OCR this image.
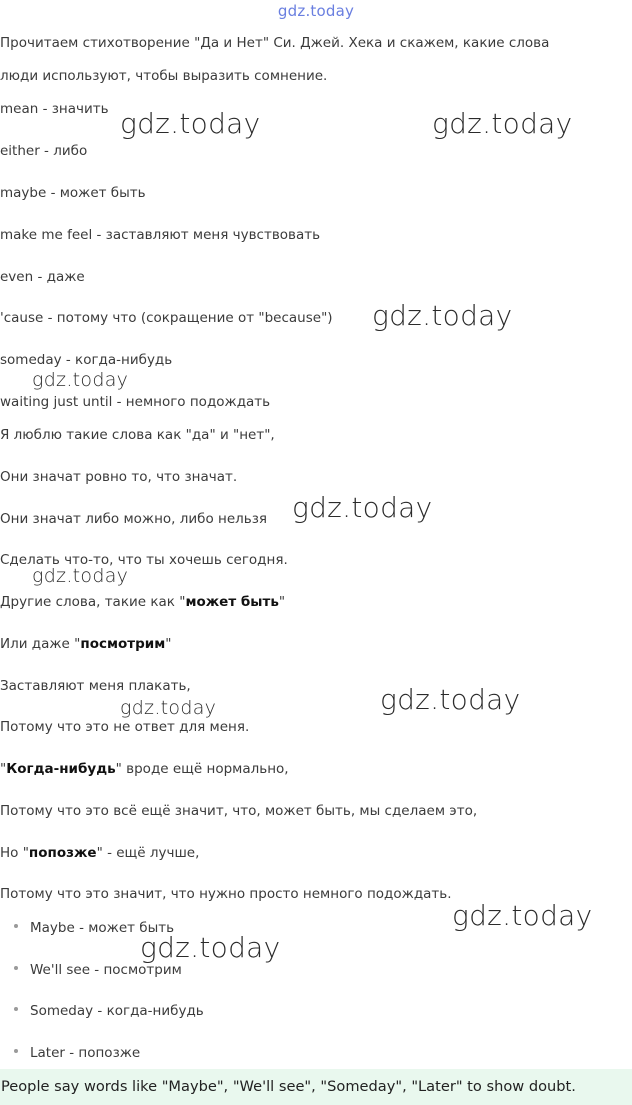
gdz.today
Прочитаем стихотворение "Да и Нет" Си. Джей. Хека и скажем, какие слова
люди используют, чтобы выразить сомнение.
mean - значить
either - либо
maybe - может быть
make me feel - заставляют меня чувствовать
even - даже
'cause - потому что (сокращение от "because")
someday - когда-нибудь
waiting just until - немного подождать
Я люблю такие слова как "да" и "нет",
Они значат ровно то, что значат.
Они значат либо можно, либо нельзя
Сделать что-то, что ты хочешь сегодня.
Другие слова, такие как "может быть"
Или даже "посмотрим"
Заставляют меня плакать,
Потому что это не ответ для меня.
"Когда-нибудь" вроде ещё нормально,
Потому что это всё ещё значит, что, может быть, мы сделаем это,
Но "попозже" - ещё лучше,
Потому что это значит, что нужно просто немного подождать.
Maybe - может быть
We'll see - посмотрим
Someday - когда-нибудь
Later - попозже
People say words like "Maybe", "We'll see", "Someday", "Later" to show doubt.
gdz.today	gdz.today
gdz.today
gdz.today
gdz.today
gdz.today
gdz.today
gdz.today
gdz.today
gdz.today
